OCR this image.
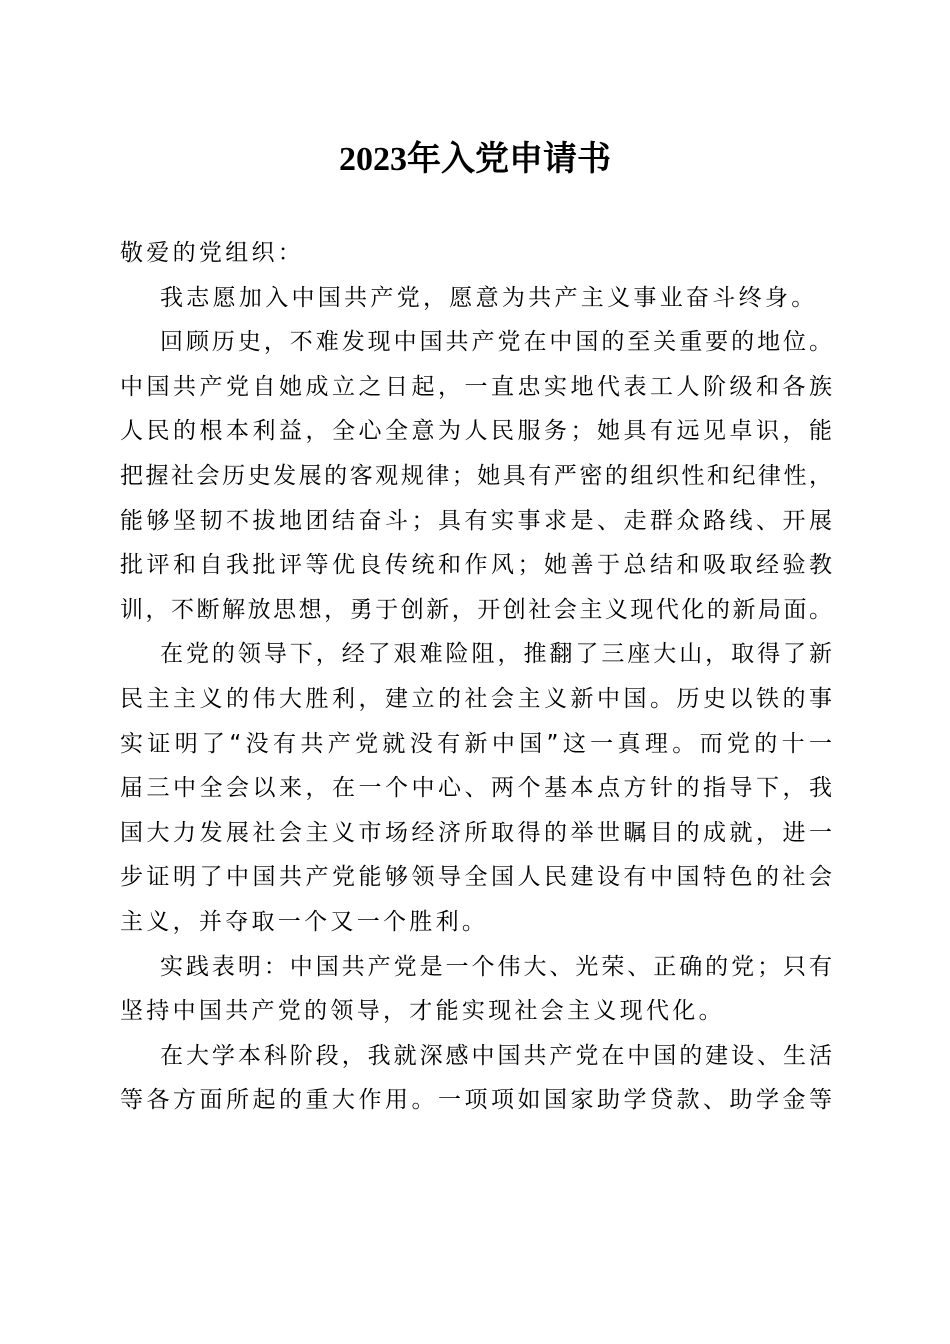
2023年入党申请书
敬爱的党组织：
我志愿加入中国共产党，愿意为共产主义事业奋斗终身。
回顾历史，不难发现中国共产党在中国的至关重要的地位。
中国共产党自她成立之日起，一直忠实地代表工人阶级和各族
人民的根本利益，全心全意为人民服务；她具有远见卓识，能
把握社会历史发展的客观规律；她具有严密的组织性和纪律性，
能够坚韧不拔地团结奋斗；具有实事求是、走群众路线、开展
批评和自我批评等优良传统和作风；她善于总结和吸取经验教
训，不断解放思想，勇于创新，开创社会主义现代化的新局面。
在党的领导下，经了艰难险阻，推翻了三座大山，取得了新
民主主义的伟大胜利，建立的社会主义新中国。历史以铁的事
实证明了“没有共产党就没有新中国”这一真理。而党的十一
届三中全会以来，在一个中心、两个基本点方针的指导下，我
国大力发展社会主义市场经济所取得的举世瞩目的成就，进一
步证明了中国共产党能够领导全国人民建设有中国特色的社会
主义，并夺取一个又一个胜利。
实践表明：中国共产党是一个伟大、光荣、正确的党；只有
坚持中国共产党的领导，才能实现社会主义现代化。
在大学本科阶段，我就深感中国共产党在中国的建设、生活
等各方面所起的重大作用。一项项如国家助学贷款、助学金等
